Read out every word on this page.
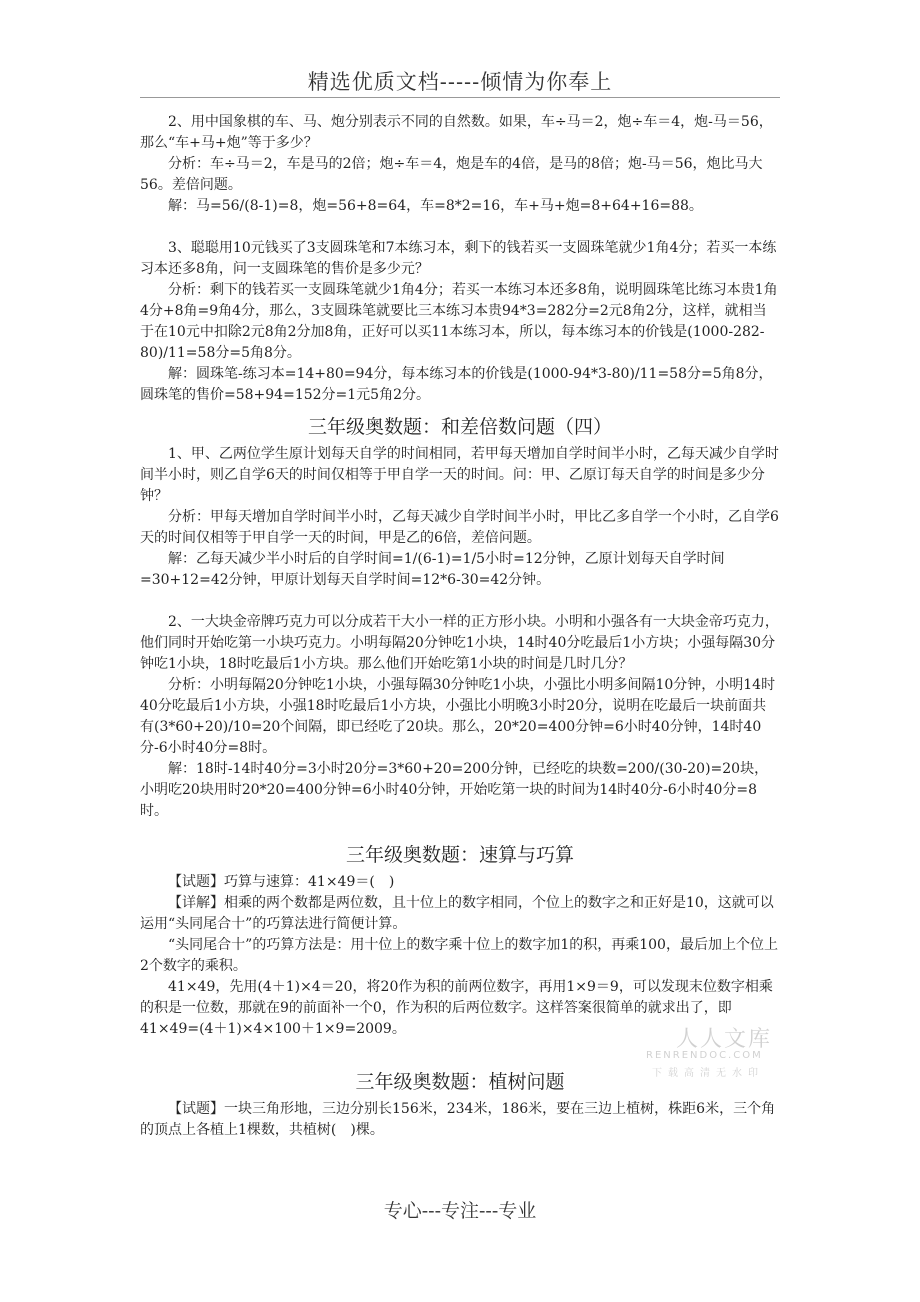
精选优质文档-----倾情为你奉上

2、用中国象棋的车、马、炮分别表示不同的自然数。如果，车÷马＝2，炮÷车＝4，炮-马＝56，那么“车+马+炮”等于多少？

分析：车÷马＝2，车是马的2倍；炮÷车＝4，炮是车的4倍，是马的8倍；炮-马＝56，炮比马大56。差倍问题。

解：马=56/(8-1)=8，炮=56+8=64，车=8*2=16，车+马+炮=8+64+16=88。

3、聪聪用10元钱买了3支圆珠笔和7本练习本，剩下的钱若买一支圆珠笔就少1角4分；若买一本练习本还多8角，问一支圆珠笔的售价是多少元？

分析：剩下的钱若买一支圆珠笔就少1角4分；若买一本练习本还多8角，说明圆珠笔比练习本贵1角4分+8角=9角4分，那么，3支圆珠笔就要比三本练习本贵94*3=282分=2元8角2分，这样，就相当于在10元中扣除2元8角2分加8角，正好可以买11本练习本，所以，每本练习本的价钱是(1000-282-80)/11=58分=5角8分。

解：圆珠笔-练习本=14+80=94分，每本练习本的价钱是(1000-94*3-80)/11=58分=5角8分，圆珠笔的售价=58+94=152分=1元5角2分。

三年级奥数题：和差倍数问题（四）

1、甲、乙两位学生原计划每天自学的时间相同，若甲每天增加自学时间半小时，乙每天减少自学时间半小时，则乙自学6天的时间仅相等于甲自学一天的时间。问：甲、乙原订每天自学的时间是多少分钟？

分析：甲每天增加自学时间半小时，乙每天减少自学时间半小时，甲比乙多自学一个小时，乙自学6天的时间仅相等于甲自学一天的时间，甲是乙的6倍，差倍问题。

解：乙每天减少半小时后的自学时间=1/(6-1)=1/5小时=12分钟，乙原计划每天自学时间=30+12=42分钟，甲原计划每天自学时间=12*6-30=42分钟。

2、一大块金帝牌巧克力可以分成若干大小一样的正方形小块。小明和小强各有一大块金帝巧克力，他们同时开始吃第一小块巧克力。小明每隔20分钟吃1小块，14时40分吃最后1小方块；小强每隔30分钟吃1小块，18时吃最后1小方块。那么他们开始吃第1小块的时间是几时几分？

分析：小明每隔20分钟吃1小块，小强每隔30分钟吃1小块，小强比小明多间隔10分钟，小明14时40分吃最后1小方块，小强18时吃最后1小方块，小强比小明晚3小时20分，说明在吃最后一块前面共有(3*60+20)/10=20个间隔，即已经吃了20块。那么，20*20=400分钟=6小时40分钟，14时40分-6小时40分=8时。

解：18时-14时40分=3小时20分=3*60+20=200分钟，已经吃的块数=200/(30-20)=20块，小明吃20块用时20*20=400分钟=6小时40分钟，开始吃第一块的时间为14时40分-6小时40分=8时。

三年级奥数题：速算与巧算

【试题】巧算与速算：41×49＝(　)

【详解】相乘的两个数都是两位数，且十位上的数字相同，个位上的数字之和正好是10，这就可以运用“头同尾合十”的巧算法进行简便计算。

“头同尾合十”的巧算方法是：用十位上的数字乘十位上的数字加1的积，再乘100，最后加上个位上2个数字的乘积。

41×49，先用(4＋1)×4＝20，将20作为积的前两位数字，再用1×9＝9，可以发现末位数字相乘的积是一位数，那就在9的前面补一个0，作为积的后两位数字。这样答案很简单的就求出了，即41×49=(4＋1)×4×100＋1×9=2009。

三年级奥数题：植树问题

【试题】一块三角形地，三边分别长156米，234米，186米，要在三边上植树，株距6米，三个角的顶点上各植上1棵数，共植树(　)棵。

人人文库
RENRENDOC.COM
下载高清无水印
专心---专注---专业
